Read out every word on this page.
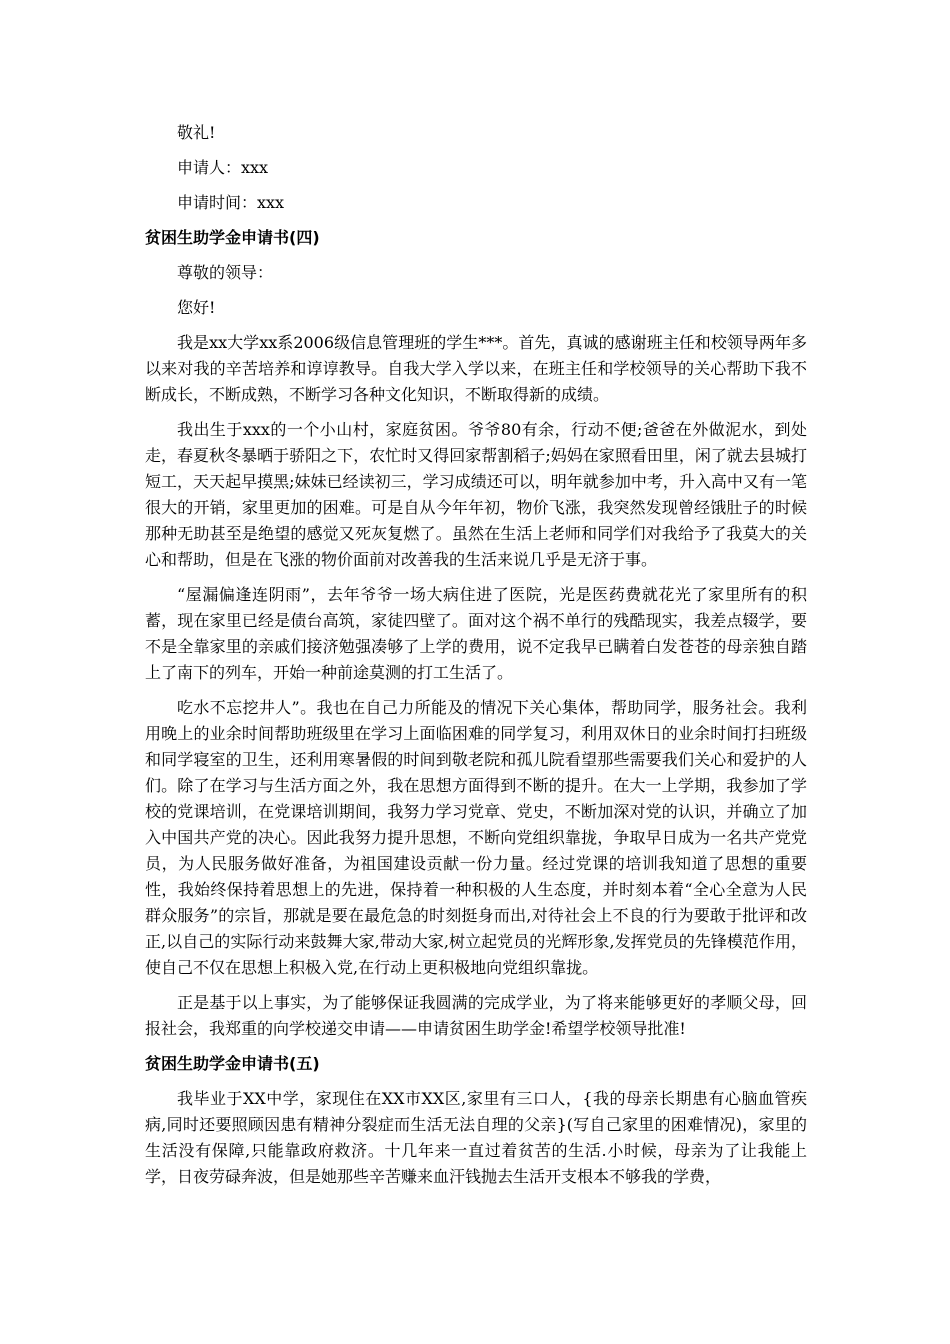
敬礼!

申请人：xxx

申请时间：xxx

贫困生助学金申请书(四)

尊敬的领导：

您好!

我是xx大学xx系2006级信息管理班的学生***。首先，真诚的感谢班主任和校领导两年多以来对我的辛苦培养和谆谆教导。自我大学入学以来，在班主任和学校领导的关心帮助下我不断成长，不断成熟，不断学习各种文化知识，不断取得新的成绩。

我出生于xxx的一个小山村，家庭贫困。爷爷80有余，行动不便;爸爸在外做泥水，到处走，春夏秋冬暴晒于骄阳之下，农忙时又得回家帮割稻子;妈妈在家照看田里，闲了就去县城打短工，天天起早摸黑;妹妹已经读初三，学习成绩还可以，明年就参加中考，升入高中又有一笔很大的开销，家里更加的困难。可是自从今年年初，物价飞涨，我突然发现曾经饿肚子的时候那种无助甚至是绝望的感觉又死灰复燃了。虽然在生活上老师和同学们对我给予了我莫大的关心和帮助，但是在飞涨的物价面前对改善我的生活来说几乎是无济于事。

“屋漏偏逢连阴雨”，去年爷爷一场大病住进了医院，光是医药费就花光了家里所有的积蓄，现在家里已经是债台高筑，家徒四壁了。面对这个祸不单行的残酷现实，我差点辍学，要不是全靠家里的亲戚们接济勉强凑够了上学的费用，说不定我早已瞒着白发苍苍的母亲独自踏上了南下的列车，开始一种前途莫测的打工生活了。

吃水不忘挖井人”。我也在自己力所能及的情况下关心集体，帮助同学，服务社会。我利用晚上的业余时间帮助班级里在学习上面临困难的同学复习，利用双休日的业余时间打扫班级和同学寝室的卫生，还利用寒暑假的时间到敬老院和孤儿院看望那些需要我们关心和爱护的人们。除了在学习与生活方面之外，我在思想方面得到不断的提升。在大一上学期，我参加了学校的党课培训，在党课培训期间，我努力学习党章、党史，不断加深对党的认识，并确立了加入中国共产党的决心。因此我努力提升思想，不断向党组织靠拢，争取早日成为一名共产党党员，为人民服务做好准备，为祖国建设贡献一份力量。经过党课的培训我知道了思想的重要性，我始终保持着思想上的先进，保持着一种积极的人生态度，并时刻本着“全心全意为人民群众服务”的宗旨，那就是要在最危急的时刻挺身而出,对待社会上不良的行为要敢于批评和改正,以自己的实际行动来鼓舞大家,带动大家,树立起党员的光辉形象,发挥党员的先锋模范作用，使自己不仅在思想上积极入党,在行动上更积极地向党组织靠拢。

正是基于以上事实，为了能够保证我圆满的完成学业，为了将来能够更好的孝顺父母，回报社会，我郑重的向学校递交申请——申请贫困生助学金!希望学校领导批准!

贫困生助学金申请书(五)

我毕业于XX中学，家现住在XX市XX区,家里有三口人，{我的母亲长期患有心脑血管疾病,同时还要照顾因患有精神分裂症而生活无法自理的父亲}(写自己家里的困难情况)，家里的生活没有保障,只能靠政府救济。十几年来一直过着贫苦的生活.小时候，母亲为了让我能上学，日夜劳碌奔波，但是她那些辛苦赚来血汗钱抛去生活开支根本不够我的学费，
